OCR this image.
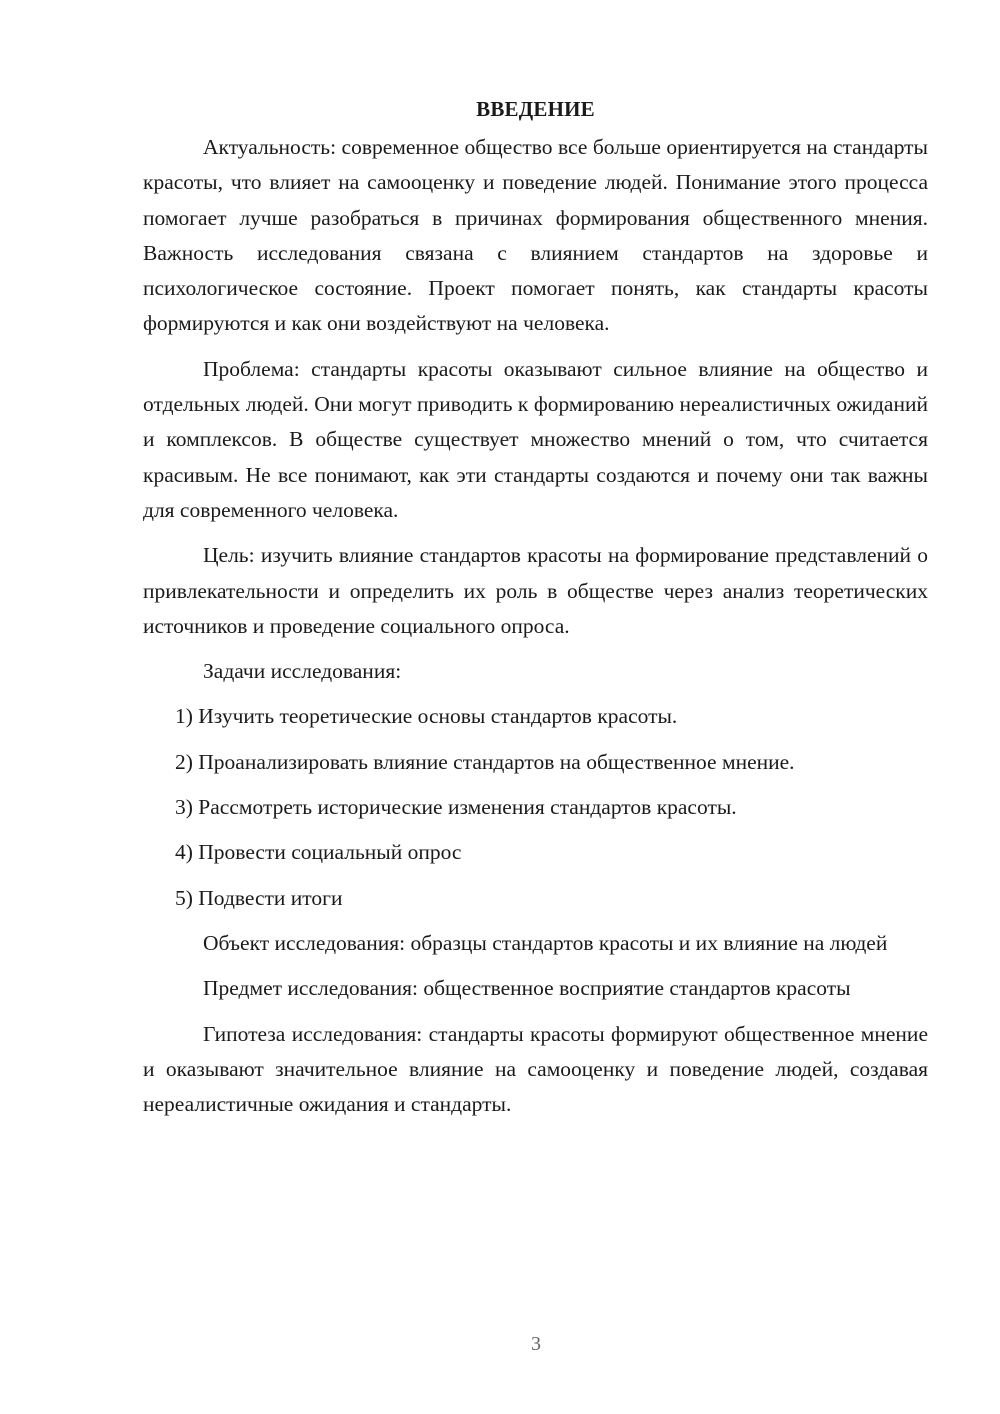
ВВЕДЕНИЕ

Актуальность: современное общество все больше ориентируется на стандарты красоты, что влияет на самооценку и поведение людей. Понимание этого процесса помогает лучше разобраться в причинах формирования общественного мнения. Важность исследования связана с влиянием стандартов на здоровье и психологическое состояние. Проект помогает понять, как стандарты красоты формируются и как они воздействуют на человека.

Проблема: стандарты красоты оказывают сильное влияние на общество и отдельных людей. Они могут приводить к формированию нереалистичных ожиданий и комплексов. В обществе существует множество мнений о том, что считается красивым. Не все понимают, как эти стандарты создаются и почему они так важны для современного человека.

Цель: изучить влияние стандартов красоты на формирование представлений о привлекательности и определить их роль в обществе через анализ теоретических источников и проведение социального опроса.

Задачи исследования:

1) Изучить теоретические основы стандартов красоты.

2) Проанализировать влияние стандартов на общественное мнение.

3) Рассмотреть исторические изменения стандартов красоты.

4) Провести социальный опрос

5) Подвести итоги

Объект исследования: образцы стандартов красоты и их влияние на людей

Предмет исследования: общественное восприятие стандартов красоты

Гипотеза исследования: стандарты красоты формируют общественное мнение и оказывают значительное влияние на самооценку и поведение людей, создавая нереалистичные ожидания и стандарты.

3
